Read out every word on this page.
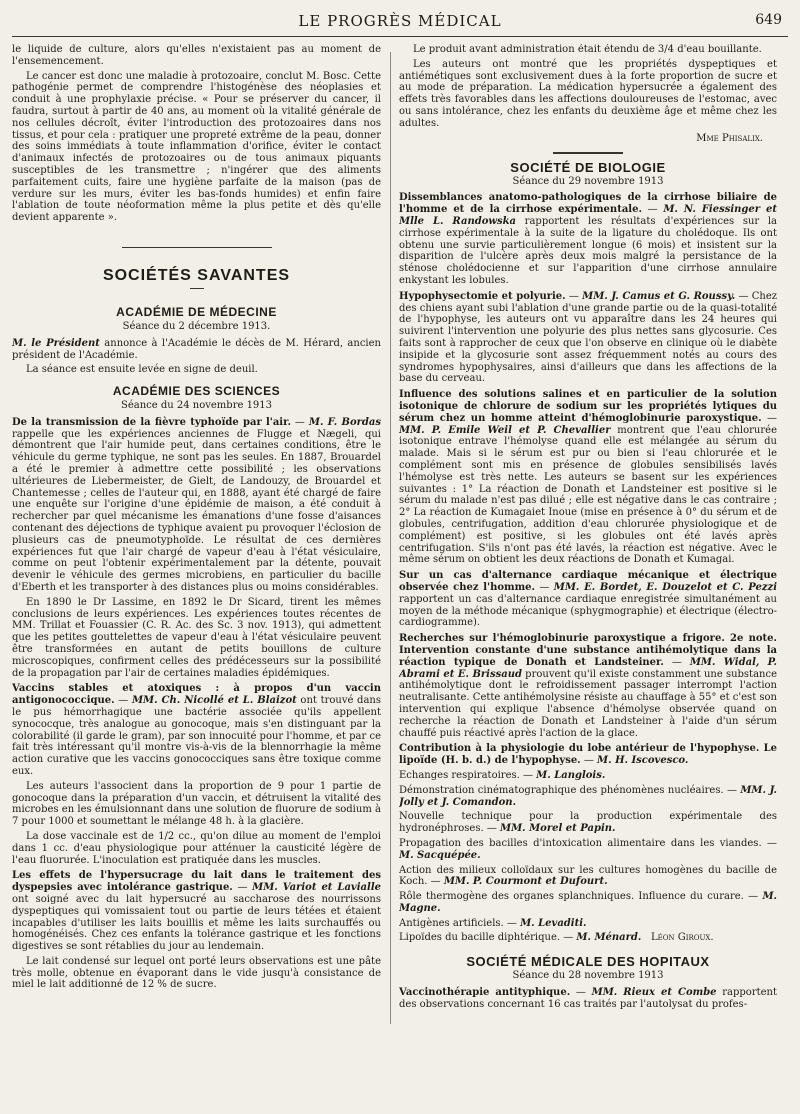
LE PROGRÈS MÉDICAL	649

le liquide de culture, alors qu'elles n'existaient pas au moment de l'ensemencement.

Le cancer est donc une maladie à protozoaire, conclut M. Bosc. Cette pathogénie permet de comprendre l'histogénèse des néoplasies et conduit à une prophylaxie précise. « Pour se préserver du cancer, il faudra, surtout à partir de 40 ans, au moment où la vitalité générale de nos cellules décroît, éviter l'introduction des protozoaires dans nos tissus, et pour cela : pratiquer une propreté extrême de la peau, donner des soins immédiats à toute inflammation d'orifice, éviter le contact d'animaux infectés de protozoaires ou de tous animaux piquants susceptibles de les transmettre ; n'ingérer que des aliments parfaitement cuits, faire une hygiène parfaite de la maison (pas de verdure sur les murs, éviter les bas-fonds humides) et enfin faire l'ablation de toute néoformation même la plus petite et dès qu'elle devient apparente ».

SOCIÉTÉS SAVANTES
ACADÉMIE DE MÉDECINE
Séance du 2 décembre 1913.

M. le Président annonce à l'Académie le décès de M. Hérard, ancien président de l'Académie.

La séance est ensuite levée en signe de deuil.

ACADÉMIE DES SCIENCES
Séance du 24 novembre 1913

De la transmission de la fièvre typhoïde par l'air. — M. F. Bordas rappelle que les expériences anciennes de Flugge et Nægeli, qui démontrent que l'air humide peut, dans certaines conditions, être le véhicule du germe typhique, ne sont pas les seules. En 1887, Brouardel a été le premier à admettre cette possibilité ; les observations ultérieures de Liebermeister, de Gielt, de Landouzy, de Brouardel et Chantemesse ; celles de l'auteur qui, en 1888, ayant été chargé de faire une enquête sur l'origine d'une épidémie de maison, a été conduit à rechercher par quel mécanisme les émanations d'une fosse d'aisances contenant des déjections de typhique avaient pu provoquer l'éclosion de plusieurs cas de pneumotyphoïde. Le résultat de ces dernières expériences fut que l'air chargé de vapeur d'eau à l'état vésiculaire, comme on peut l'obtenir expérimentalement par la détente, pouvait devenir le véhicule des germes microbiens, en particulier du bacille d'Eberth et les transporter à des distances plus ou moins considérables.

En 1890 le Dr Lassime, en 1892 le Dr Sicard, tirent les mêmes conclusions de leurs expériences. Les expériences toutes récentes de MM. Trillat et Fouassier (C. R. Ac. des Sc. 3 nov. 1913), qui admettent que les petites gouttelettes de vapeur d'eau à l'état vésiculaire peuvent être transformées en autant de petits bouillons de culture microscopiques, confirment celles des prédécesseurs sur la possibilité de la propagation par l'air de certaines maladies épidémiques.

Vaccins stables et atoxiques : à propos d'un vaccin antigonococcique. — MM. Ch. Nicollé et L. Blaizot ont trouvé dans le pus hémorrhagique une bactérie associée qu'ils appellent synococque, très analogue au gonocoque, mais s'en distinguant par la colorabilité (il garde le gram), par son innocuité pour l'homme, et par ce fait très intéressant qu'il montre vis-à-vis de la blennorrhagie la même action curative que les vaccins gonococciques sans être toxique comme eux.

Les auteurs l'associent dans la proportion de 9 pour 1 partie de gonocoque dans la préparation d'un vaccin, et détruisent la vitalité des microbes en les émulsionnant dans une solution de fluorure de sodium à 7 pour 1000 et soumettant le mélange 48 h. à la glacière.

La dose vaccinale est de 1/2 cc., qu'on dilue au moment de l'emploi dans 1 cc. d'eau physiologique pour atténuer la causticité légère de l'eau fluorurée. L'inoculation est pratiquée dans les muscles.

Les effets de l'hypersucrage du lait dans le traitement des dyspepsies avec intolérance gastrique. — MM. Variot et Lavialle ont soigné avec du lait hypersucré au saccharose des nourrissons dyspeptiques qui vomissaient tout ou partie de leurs tétées et étaient incapables d'utiliser les laits bouillis et même les laits surchauffés ou homogénéisés. Chez ces enfants la tolérance gastrique et les fonctions digestives se sont rétablies du jour au lendemain.

Le lait condensé sur lequel ont porté leurs observations est une pâte très molle, obtenue en évaporant dans le vide jusqu'à consistance de miel le lait additionné de 12 % de sucre.

Le produit avant administration était étendu de 3/4 d'eau bouillante.

Les auteurs ont montré que les propriétés dyspeptiques et antiémétiques sont exclusivement dues à la forte proportion de sucre et au mode de préparation. La médication hypersucrée a également des effets très favorables dans les affections douloureuses de l'estomac, avec ou sans intolérance, chez les enfants du deuxième âge et même chez les adultes.

Mme Phisalix.
SOCIÉTÉ DE BIOLOGIE
Séance du 29 novembre 1913

Dissemblances anatomo-pathologiques de la cirrhose biliaire de l'homme et de la cirrhose expérimentale. — M. N. Fiessinger et Mlle L. Randowska rapportent les résultats d'expériences sur la cirrhose expérimentale à la suite de la ligature du cholédoque. Ils ont obtenu une survie particulièrement longue (6 mois) et insistent sur la disparition de l'ulcère après deux mois malgré la persistance de la sténose cholédocienne et sur l'apparition d'une cirrhose annulaire enkystant les lobules.

Hypophysectomie et polyurie. — MM. J. Camus et G. Roussy. — Chez des chiens ayant subi l'ablation d'une grande partie ou de la quasi-totalité de l'hypophyse, les auteurs ont vu apparaître dans les 24 heures qui suivirent l'intervention une polyurie des plus nettes sans glycosurie. Ces faits sont à rapprocher de ceux que l'on observe en clinique où le diabète insipide et la glycosurie sont assez fréquemment notés au cours des syndromes hypophysaires, ainsi d'ailleurs que dans les affections de la base du cerveau.

Influence des solutions salines et en particulier de la solution isotonique de chlorure de sodium sur les propriétés lytiques du sérum chez un homme atteint d'hémoglobinurie paroxystique. — MM. P. Emile Weil et P. Chevallier montrent que l'eau chlorurée isotonique entrave l'hémolyse quand elle est mélangée au sérum du malade. Mais si le sérum est pur ou bien si l'eau chlorurée et le complément sont mis en présence de globules sensibilisés lavés l'hémolyse est très nette. Les auteurs se basent sur les expériences suivantes : 1° La réaction de Donath et Landsteiner est positive si le sérum du malade n'est pas dilué ; elle est négative dans le cas contraire ; 2° La réaction de Kumagaiet Inoue (mise en présence à 0° du sérum et de globules, centrifugation, addition d'eau chlorurée physiologique et de complément) est positive, si les globules ont été lavés après centrifugation. S'ils n'ont pas été lavés, la réaction est négative. Avec le même sérum on obtient les deux réactions de Donath et Kumagai.

Sur un cas d'alternance cardiaque mécanique et électrique observée chez l'homme. — MM. E. Bordet, E. Douzelot et C. Pezzi rapportent un cas d'alternance cardiaque enregistrée simultanément au moyen de la méthode mécanique (sphygmographie) et électrique (électro-cardiogramme).

Recherches sur l'hémoglobinurie paroxystique a frigore. 2e note. Intervention constante d'une substance antihémolytique dans la réaction typique de Donath et Landsteiner. — MM. Widal, P. Abrami et E. Brissaud prouvent qu'il existe constamment une substance antihémolytique dont le refroidissement passager interrompt l'action neutralisante. Cette antihémolysine résiste au chauffage à 55° et c'est son intervention qui explique l'absence d'hémolyse observée quand on recherche la réaction de Donath et Landsteiner à l'aide d'un sérum chauffé puis réactivé après l'action de la glace.

Contribution à la physiologie du lobe antérieur de l'hypophyse. Le lipoïde (H. b. d.) de l'hypophyse. — M. H. Iscovesco.

Echanges respiratoires. — M. Langlois.

Démonstration cinématographique des phénomènes nucléaires. — MM. J. Jolly et J. Comandon.

Nouvelle technique pour la production expérimentale des hydronéphroses. — MM. Morel et Papin.

Propagation des bacilles d'intoxication alimentaire dans les viandes. — M. Sacquépée.

Action des milieux colloïdaux sur les cultures homogènes du bacille de Koch. — MM. P. Courmont et Dufourt.

Rôle thermogène des organes splanchniques. Influence du curare. — M. Magne.

Antigènes artificiels. — M. Levaditi.

Lipoïdes du bacille diphtérique. — M. Ménard. Léon Giroux.

SOCIÉTÉ MÉDICALE DES HOPITAUX
Séance du 28 novembre 1913

Vaccinothérapie antityphique. — MM. Rieux et Combe rapportent des observations concernant 16 cas traités par l'autolysat du profes-
